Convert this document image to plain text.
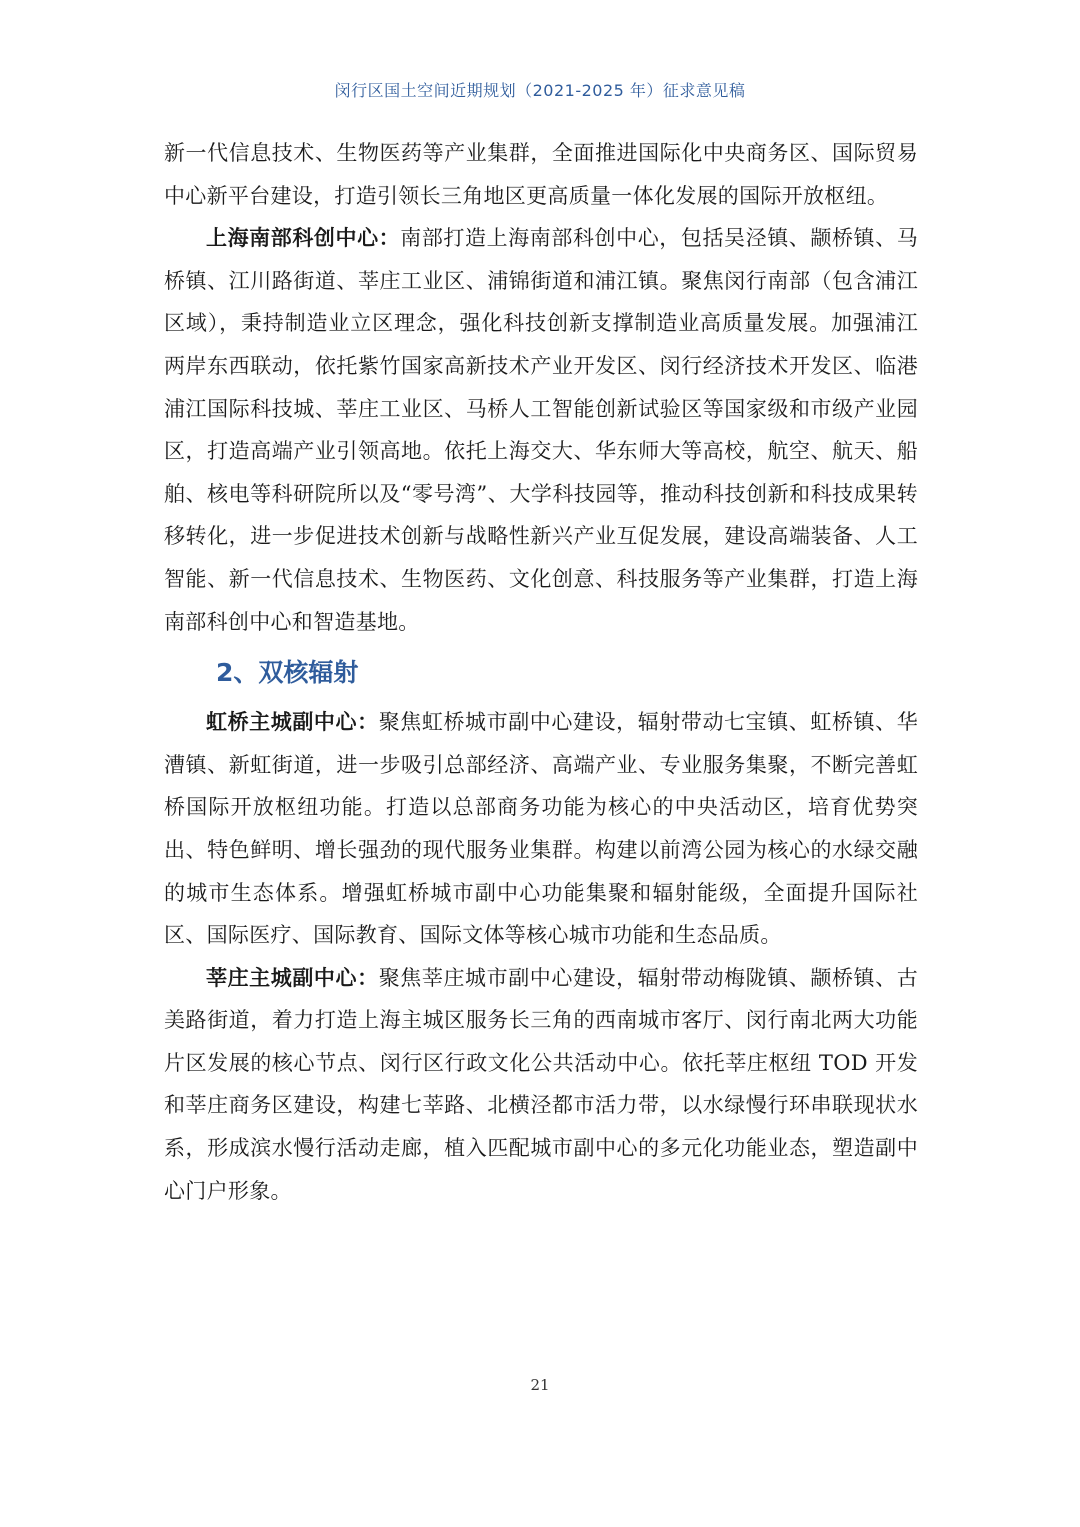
闵行区国土空间近期规划（2021-2025 年）征求意见稿

新一代信息技术、生物医药等产业集群，全面推进国际化中央商务区、国际贸易中心新平台建设，打造引领长三角地区更高质量一体化发展的国际开放枢纽。

上海南部科创中心：南部打造上海南部科创中心，包括吴泾镇、颛桥镇、马桥镇、江川路街道、莘庄工业区、浦锦街道和浦江镇。聚焦闵行南部（包含浦江区域），秉持制造业立区理念，强化科技创新支撑制造业高质量发展。加强浦江两岸东西联动，依托紫竹国家高新技术产业开发区、闵行经济技术开发区、临港浦江国际科技城、莘庄工业区、马桥人工智能创新试验区等国家级和市级产业园区，打造高端产业引领高地。依托上海交大、华东师大等高校，航空、航天、船舶、核电等科研院所以及“零号湾”、大学科技园等，推动科技创新和科技成果转移转化，进一步促进技术创新与战略性新兴产业互促发展，建设高端装备、人工智能、新一代信息技术、生物医药、文化创意、科技服务等产业集群，打造上海南部科创中心和智造基地。

2、双核辐射

虹桥主城副中心：聚焦虹桥城市副中心建设，辐射带动七宝镇、虹桥镇、华漕镇、新虹街道，进一步吸引总部经济、高端产业、专业服务集聚，不断完善虹桥国际开放枢纽功能。打造以总部商务功能为核心的中央活动区，培育优势突出、特色鲜明、增长强劲的现代服务业集群。构建以前湾公园为核心的水绿交融的城市生态体系。增强虹桥城市副中心功能集聚和辐射能级，全面提升国际社区、国际医疗、国际教育、国际文体等核心城市功能和生态品质。

莘庄主城副中心：聚焦莘庄城市副中心建设，辐射带动梅陇镇、颛桥镇、古美路街道，着力打造上海主城区服务长三角的西南城市客厅、闵行南北两大功能片区发展的核心节点、闵行区行政文化公共活动中心。依托莘庄枢纽 TOD 开发和莘庄商务区建设，构建七莘路、北横泾都市活力带，以水绿慢行环串联现状水系，形成滨水慢行活动走廊，植入匹配城市副中心的多元化功能业态，塑造副中心门户形象。

21
